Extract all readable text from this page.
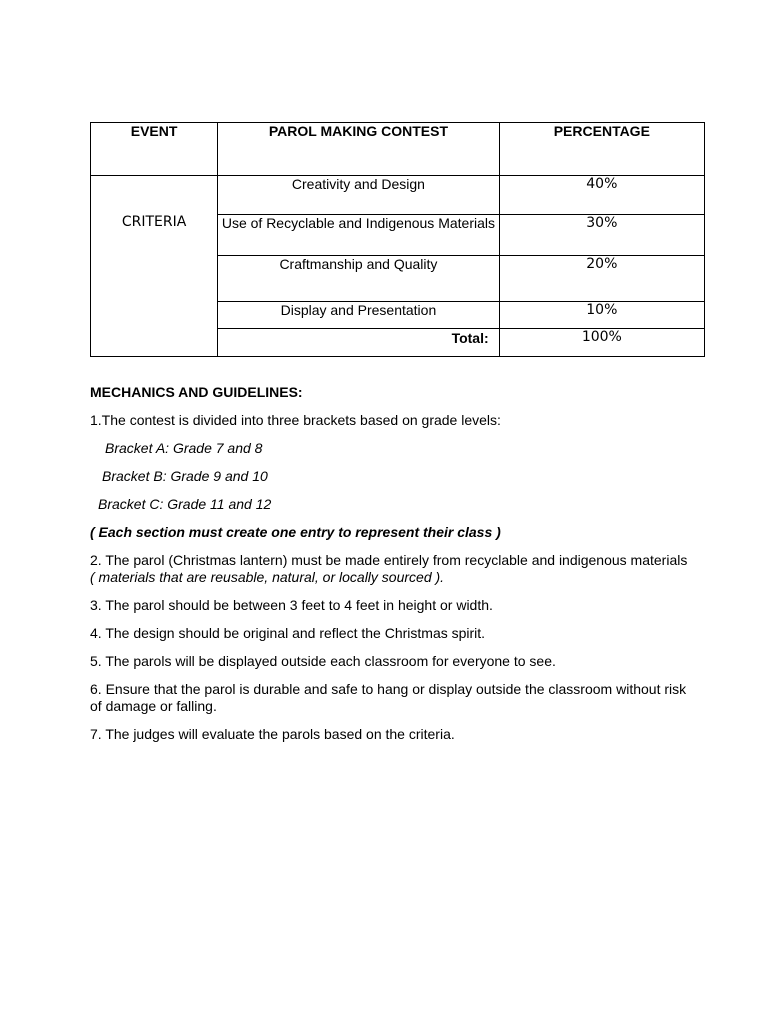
EVENT	PAROL MAKING CONTEST	PERCENTAGE

CRITERIA	Creativity and Design	40%
	Use of Recyclable and Indigenous Materials	30%
	Craftmanship and Quality	20%
	Display and Presentation	10%
	Total:	100%

MECHANICS AND GUIDELINES:

1.The contest is divided into three brackets based on grade levels:

Bracket A: Grade 7 and 8

Bracket B: Grade 9 and 10

Bracket C: Grade 11 and 12

( Each section must create one entry to represent their class )

2. The parol (Christmas lantern) must be made entirely from recyclable and indigenous materials ( materials that are reusable, natural, or locally sourced ).

3. The parol should be between 3 feet to 4 feet in height or width.

4. The design should be original and reflect the Christmas spirit.

5. The parols will be displayed outside each classroom for everyone to see.

6. Ensure that the parol is durable and safe to hang or display outside the classroom without risk of damage or falling.

7. The judges will evaluate the parols based on the criteria.
